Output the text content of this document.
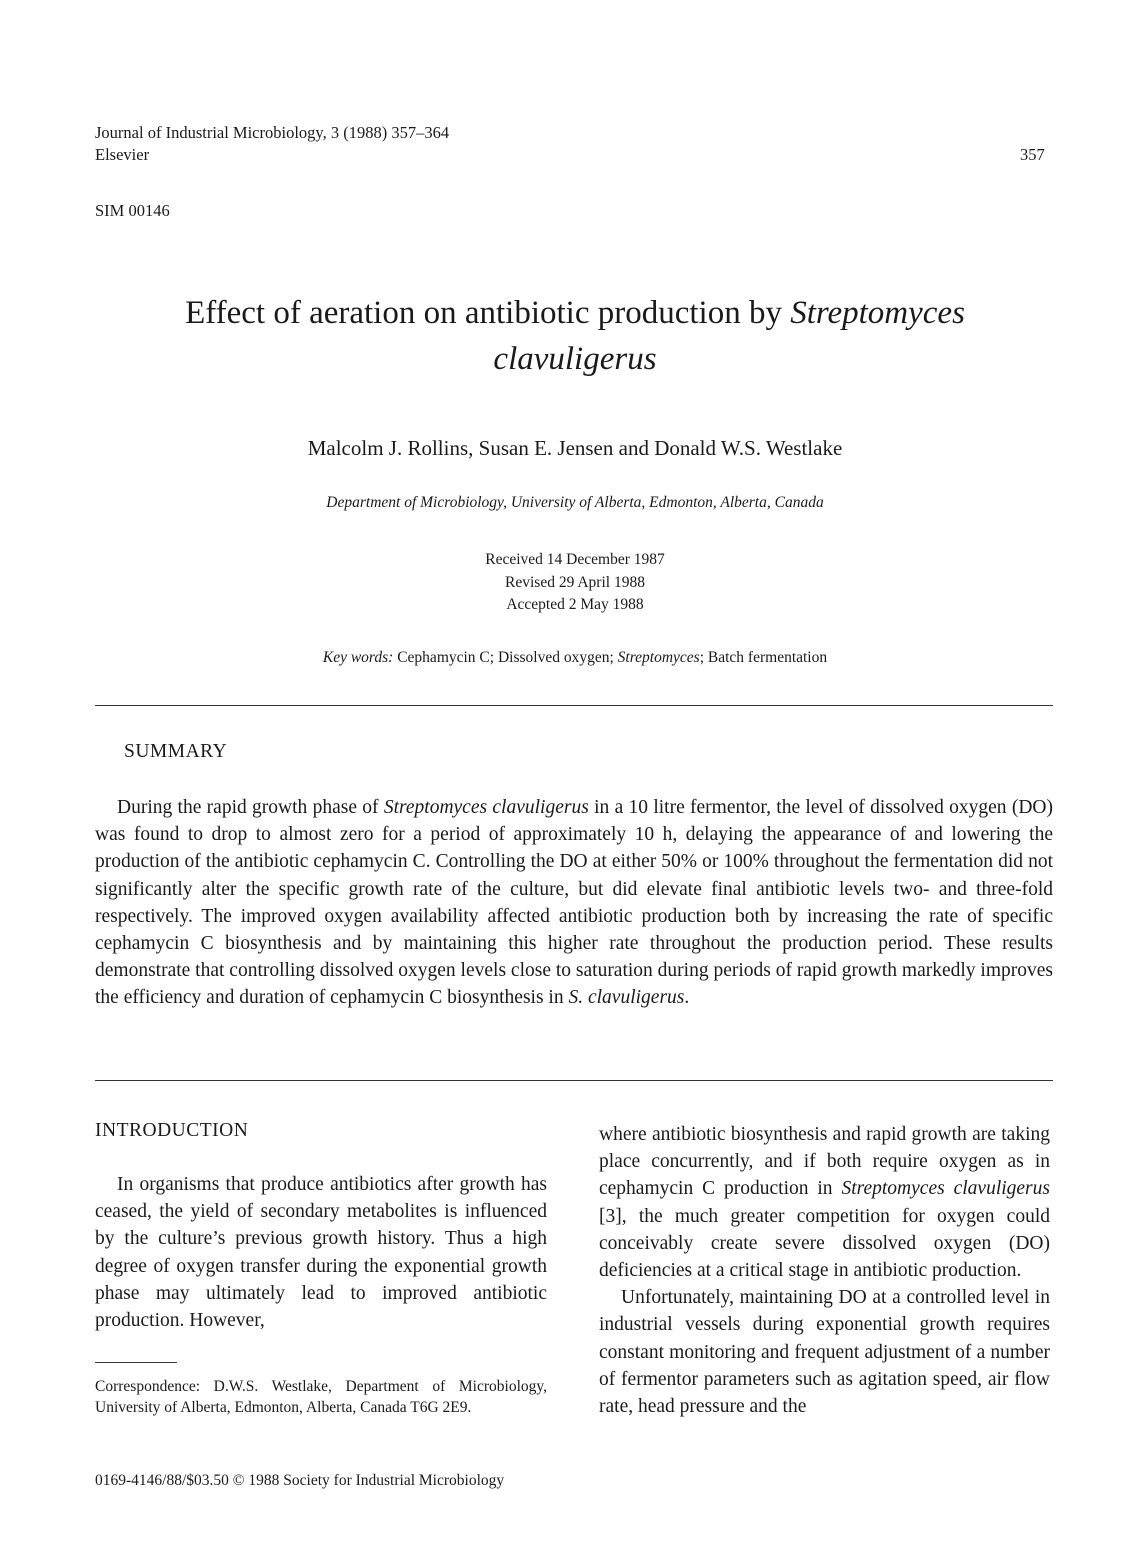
Journal of Industrial Microbiology, 3 (1988) 357–364
Elsevier	357
SIM 00146
Effect of aeration on antibiotic production by Streptomyces
clavuligerus
Malcolm J. Rollins, Susan E. Jensen and Donald W.S. Westlake
Department of Microbiology, University of Alberta, Edmonton, Alberta, Canada
Received 14 December 1987
Revised 29 April 1988
Accepted 2 May 1988
Key words: Cephamycin C; Dissolved oxygen; Streptomyces; Batch fermentation
SUMMARY

During the rapid growth phase of Streptomyces clavuligerus in a 10 litre fermentor, the level of dissolved oxygen (DO) was found to drop to almost zero for a period of approximately 10 h, delaying the appearance of and lowering the production of the antibiotic cephamycin C. Controlling the DO at either 50% or 100% throughout the fermentation did not significantly alter the specific growth rate of the culture, but did elevate final antibiotic levels two- and three-fold respectively. The improved oxygen availability affected antibiotic production both by increasing the rate of specific cephamycin C biosynthesis and by maintaining this higher rate throughout the production period. These results demonstrate that controlling dissolved oxygen levels close to saturation during periods of rapid growth markedly improves the efficiency and duration of cephamycin C biosynthesis in S. clavuligerus.

INTRODUCTION

In organisms that produce antibiotics after growth has ceased, the yield of secondary metabolites is influenced by the culture’s previous growth history. Thus a high degree of oxygen transfer during the exponential growth phase may ultimately lead to improved antibiotic production. However,

Correspondence: D.W.S. Westlake, Department of Microbiology, University of Alberta, Edmonton, Alberta, Canada T6G 2E9.
0169-4146/88/$03.50 © 1988 Society for Industrial Microbiology

where antibiotic biosynthesis and rapid growth are taking place concurrently, and if both require oxygen as in cephamycin C production in Streptomyces clavuligerus [3], the much greater competition for oxygen could conceivably create severe dissolved oxygen (DO) deficiencies at a critical stage in antibiotic production.

Unfortunately, maintaining DO at a controlled level in industrial vessels during exponential growth requires constant monitoring and frequent adjustment of a number of fermentor parameters such as agitation speed, air flow rate, head pressure and the
